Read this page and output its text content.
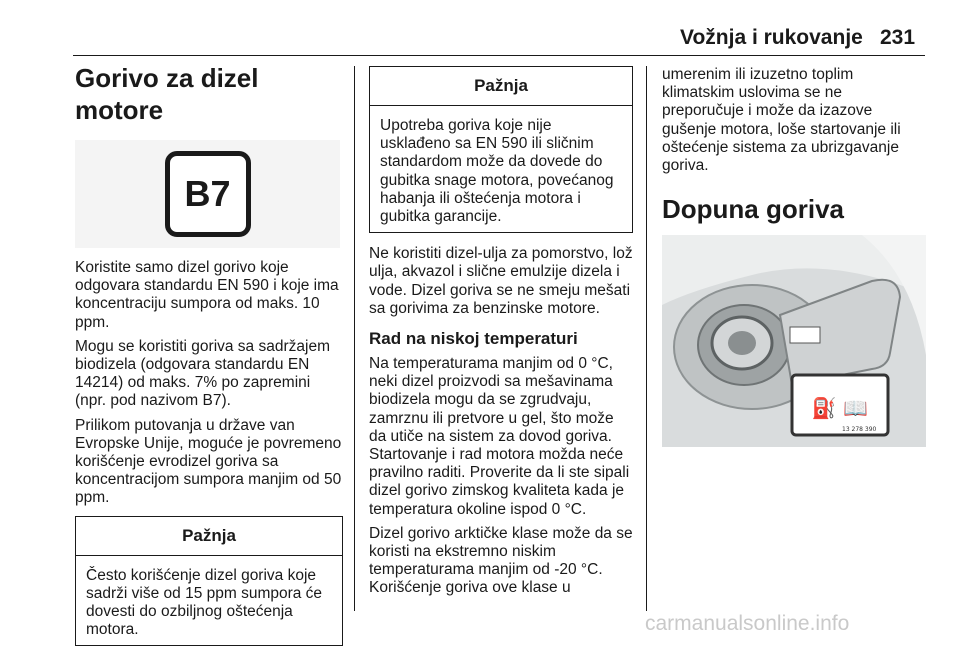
Vožnja i rukovanje 231
Gorivo za dizel motore
B7

Koristite samo dizel gorivo koje odgovara standardu EN 590 i koje ima koncentraciju sumpora od maks. 10 ppm.

Mogu se koristiti goriva sa sadržajem biodizela (odgovara standardu EN 14214) od maks. 7% po zapremini (npr. pod nazivom B7).

Prilikom putovanja u države van Evropske Unije, moguće je povremeno korišćenje evrodizel goriva sa koncentracijom sumpora manjim od 50 ppm.

Pažnja

Često korišćenje dizel goriva koje sadrži više od 15 ppm sumpora će dovesti do ozbiljnog oštećenja motora.

Pažnja

Upotreba goriva koje nije usklađeno sa EN 590 ili sličnim standardom može da dovede do gubitka snage motora, povećanog habanja ili oštećenja motora i gubitka garancije.

Ne koristiti dizel-ulja za pomorstvo, lož ulja, akvazol i slične emulzije dizela i vode. Dizel goriva se ne smeju mešati sa gorivima za benzinske motore.

Rad na niskoj temperaturi

Na temperaturama manjim od 0 °C, neki dizel proizvodi sa mešavinama biodizela mogu da se zgrudvaju, zamrznu ili pretvore u gel, što može da utiče na sistem za dovod goriva. Startovanje i rad motora možda neće pravilno raditi. Proverite da li ste sipali dizel gorivo zimskog kvaliteta kada je temperatura okoline ispod 0 °C.

Dizel gorivo arktičke klase može da se koristi na ekstremno niskim temperaturama manjim od -20 °C. Korišćenje goriva ove klase u

umerenim ili izuzetno toplim klimatskim uslovima se ne preporučuje i može da izazove gušenje motora, loše startovanje ili oštećenje sistema za ubrizgavanje goriva.

Dopuna goriva
⛽ 📖
13 278 390
carmanualsonline.info
